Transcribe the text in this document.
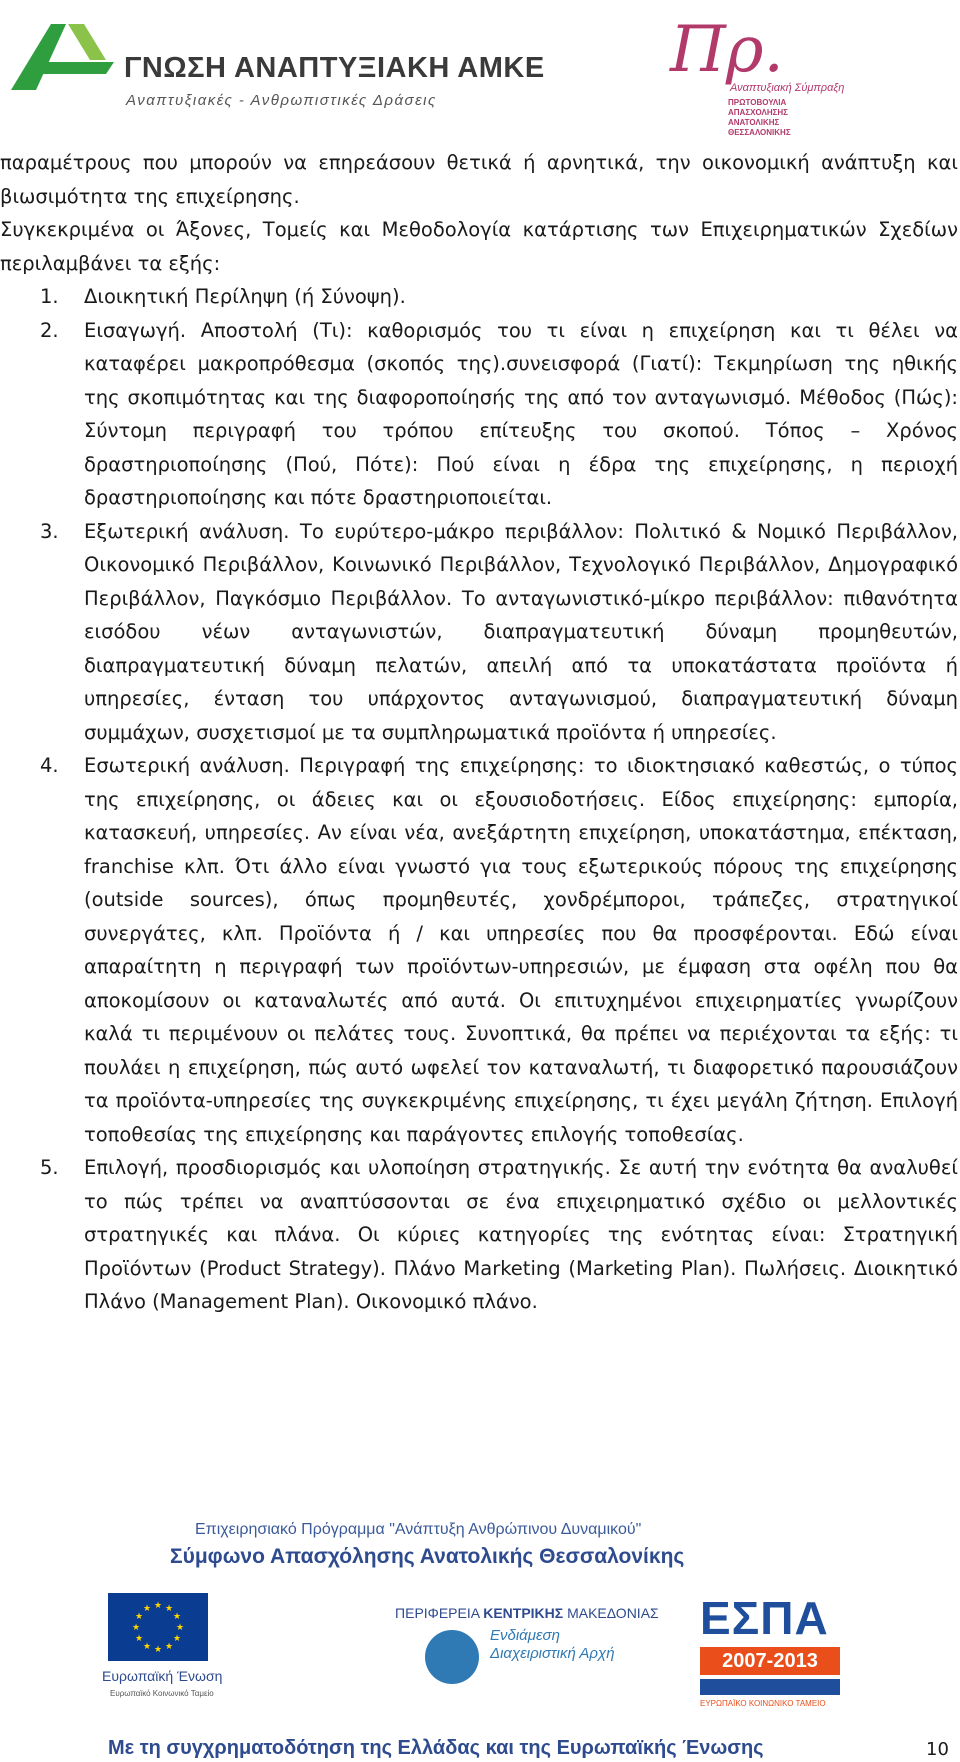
ΓΝΩΣΗ ΑΝΑΠΤΥΞΙΑΚΗ ΑΜΚΕ
Αναπτυξιακές - Ανθρωπιστικές Δράσεις
Πρ.
Αναπτυξιακή Σύμπραξη
ΠΡΩΤΟΒΟΥΛΙΑ ΑΠΑΣΧΟΛΗΣΗΣ ΑΝΑΤΟΛΙΚΗΣ ΘΕΣΣΑΛΟΝΙΚΗΣ

παραμέτρους που μπορούν να επηρεάσουν θετικά ή αρνητικά, την οικονομική ανάπτυξη και βιωσιμότητα της επιχείρησης.

Συγκεκριμένα οι Άξονες, Τομείς και Μεθοδολογία κατάρτισης των Επιχειρηματικών Σχεδίων περιλαμβάνει τα εξής:

1. Διοικητική Περίληψη (ή Σύνοψη).
2. Εισαγωγή. Αποστολή (Τι): καθορισμός του τι είναι η επιχείρηση και τι θέλει να καταφέρει μακροπρόθεσμα (σκοπός της).συνεισφορά (Γιατί): Τεκμηρίωση της ηθικής της σκοπιμότητας και της διαφοροποίησής της από τον ανταγωνισμό. Μέθοδος (Πώς): Σύντομη περιγραφή του τρόπου επίτευξης του σκοπού. Τόπος – Χρόνος δραστηριοποίησης (Πού, Πότε): Πού είναι η έδρα της επιχείρησης, η περιοχή δραστηριοποίησης και πότε δραστηριοποιείται.
3. Εξωτερική ανάλυση. Το ευρύτερο-μάκρο περιβάλλον: Πολιτικό & Νομικό Περιβάλλον, Οικονομικό Περιβάλλον, Κοινωνικό Περιβάλλον, Τεχνολογικό Περιβάλλον, Δημογραφικό Περιβάλλον, Παγκόσμιο Περιβάλλον. Το ανταγωνιστικό-μίκρο περιβάλλον: πιθανότητα εισόδου νέων ανταγωνιστών, διαπραγματευτική δύναμη προμηθευτών, διαπραγματευτική δύναμη πελατών, απειλή από τα υποκατάστατα προϊόντα ή υπηρεσίες, ένταση του υπάρχοντος ανταγωνισμού, διαπραγματευτική δύναμη συμμάχων, συσχετισμοί με τα συμπληρωματικά προϊόντα ή υπηρεσίες.
4. Εσωτερική ανάλυση. Περιγραφή της επιχείρησης: το ιδιοκτησιακό καθεστώς, ο τύπος της επιχείρησης, οι άδειες και οι εξουσιοδοτήσεις. Είδος επιχείρησης: εμπορία, κατασκευή, υπηρεσίες. Αν είναι νέα, ανεξάρτητη επιχείρηση, υποκατάστημα, επέκταση, franchise κλπ. Ότι άλλο είναι γνωστό για τους εξωτερικούς πόρους της επιχείρησης (outside sources), όπως προμηθευτές, χονδρέμποροι, τράπεζες, στρατηγικοί συνεργάτες, κλπ. Προϊόντα ή / και υπηρεσίες που θα προσφέρονται. Εδώ είναι απαραίτητη η περιγραφή των προϊόντων-υπηρεσιών, με έμφαση στα οφέλη που θα αποκομίσουν οι καταναλωτές από αυτά. Οι επιτυχημένοι επιχειρηματίες γνωρίζουν καλά τι περιμένουν οι πελάτες τους. Συνοπτικά, θα πρέπει να περιέχονται τα εξής: τι πουλάει η επιχείρηση, πώς αυτό ωφελεί τον καταναλωτή, τι διαφορετικό παρουσιάζουν τα προϊόντα-υπηρεσίες της συγκεκριμένης επιχείρησης, τι έχει μεγάλη ζήτηση. Επιλογή τοποθεσίας της επιχείρησης και παράγοντες επιλογής τοποθεσίας.
5. Επιλογή, προσδιορισμός και υλοποίηση στρατηγικής. Σε αυτή την ενότητα θα αναλυθεί το πώς τρέπει να αναπτύσσονται σε ένα επιχειρηματικό σχέδιο οι μελλοντικές στρατηγικές και πλάνα. Οι κύριες κατηγορίες της ενότητας είναι: Στρατηγική Προϊόντων (Product Strategy). Πλάνο Marketing (Marketing Plan). Πωλήσεις. Διοικητικό Πλάνο (Management Plan). Οικονομικό πλάνο.
Επιχειρησιακό Πρόγραμμα "Ανάπτυξη Ανθρώπινου Δυναμικού"
Σύμφωνο Απασχόλησης Ανατολικής Θεσσαλονίκης
★ ★
★
★
★
★
★
★
★
★
★
★
Ευρωπαϊκή Ένωση
Ευρωπαϊκό Κοινωνικό Ταμείο
ΠΕΡΙΦΕΡΕΙΑ ΚΕΝΤΡΙΚΗΣ ΜΑΚΕΔΟΝΙΑΣ
Ενδιάμεση Διαχειριστική Αρχή
ΕΣΠΑ
2007-2013
ΕΥΡΩΠΑΪΚΟ ΚΟΙΝΩΝΙΚΟ ΤΑΜΕΙΟ
Με τη συγχρηματοδότηση της Ελλάδας και της Ευρωπαϊκής Ένωσης	10
